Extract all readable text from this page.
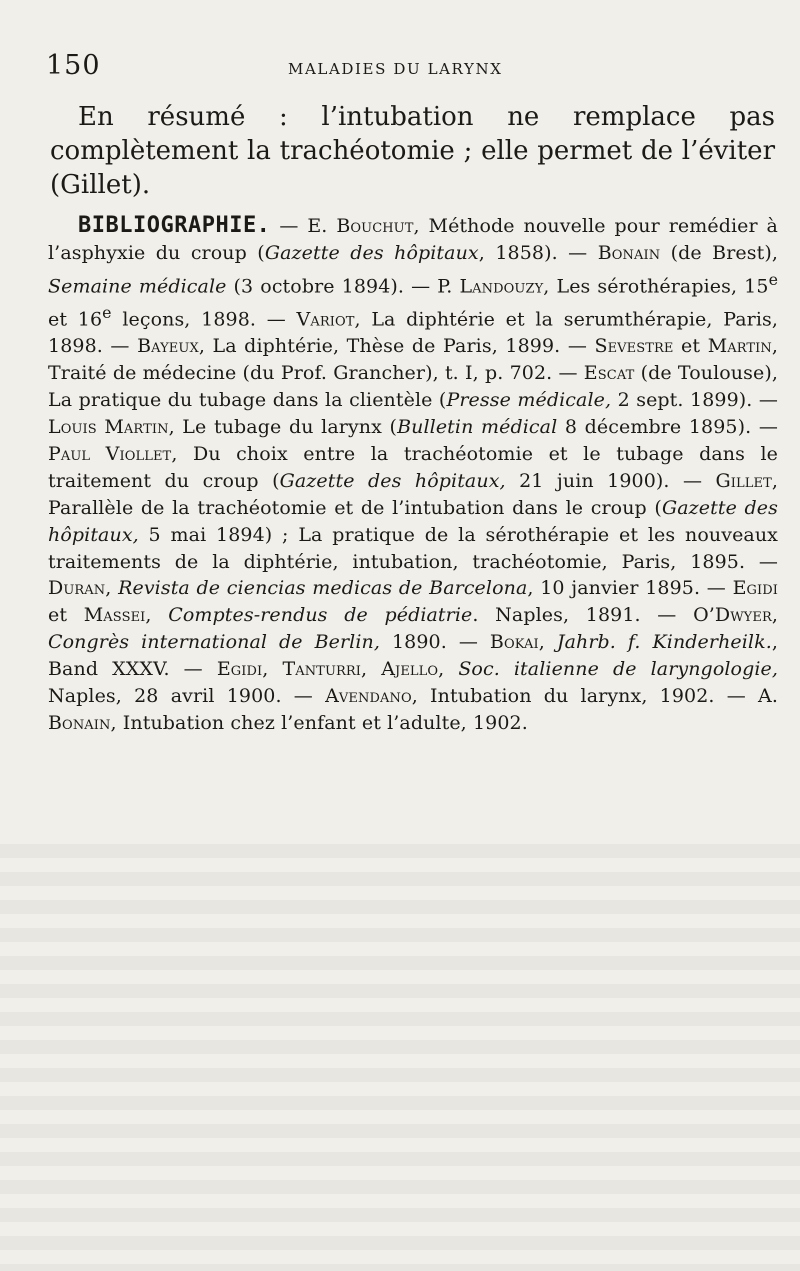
150	MALADIES DU LARYNX

En résumé : l’intubation ne remplace pas complètement la trachéotomie ; elle permet de l’éviter (Gillet).

BIBLIOGRAPHIE. — E. Bouchut, Méthode nouvelle pour remédier à l’asphyxie du croup (Gazette des hôpitaux, 1858). — Bonain (de Brest), Semaine médicale (3 octobre 1894). — P. Landouzy, Les sérothérapies, 15e et 16e leçons, 1898. — Variot, La diphtérie et la serumthérapie, Paris, 1898. — Bayeux, La diphtérie, Thèse de Paris, 1899. — Sevestre et Martin, Traité de médecine (du Prof. Grancher), t. I, p. 702. — Escat (de Toulouse), La pratique du tubage dans la clientèle (Presse médicale, 2 sept. 1899). — Louis Martin, Le tubage du larynx (Bulletin médical 8 décembre 1895). — Paul Viollet, Du choix entre la trachéotomie et le tubage dans le traitement du croup (Gazette des hôpitaux, 21 juin 1900). — Gillet, Parallèle de la trachéotomie et de l’intubation dans le croup (Gazette des hôpitaux, 5 mai 1894) ; La pratique de la sérothérapie et les nouveaux traitements de la diphtérie, intubation, trachéotomie, Paris, 1895. — Duran, Revista de ciencias medicas de Barcelona, 10 janvier 1895. — Egidi et Massei, Comptes-rendus de pédiatrie. Naples, 1891. — O’Dwyer, Congrès international de Berlin, 1890. — Bokai, Jahrb. f. Kinderheilk., Band XXXV. — Egidi, Tanturri, Ajello, Soc. italienne de laryngologie, Naples, 28 avril 1900. — Avendano, Intubation du larynx, 1902. — A. Bonain, Intubation chez l’enfant et l’adulte, 1902.
